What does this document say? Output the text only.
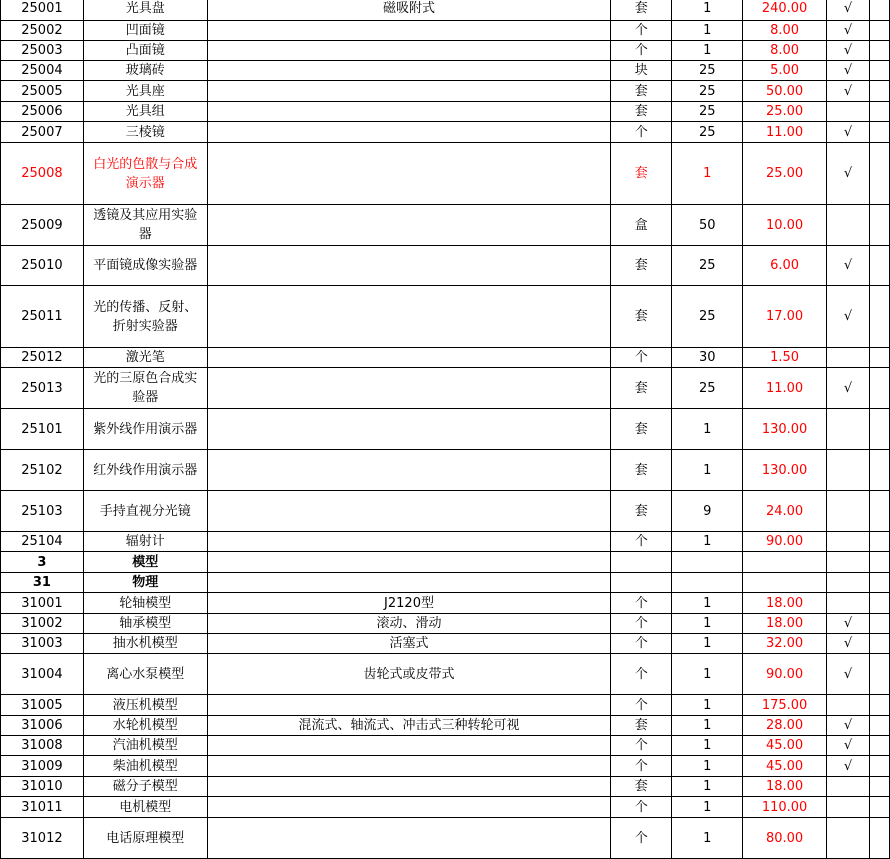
25001	光具盘	磁吸附式	套	1	240.00	√	
25002	凹面镜		个	1	8.00	√	
25003	凸面镜		个	1	8.00	√	
25004	玻璃砖		块	25	5.00	√	
25005	光具座		套	25	50.00	√	
25006	光具组		套	25	25.00		
25007	三棱镜		个	25	11.00	√	
25008	白光的色散与合成演示器		套	1	25.00	√	
25009	透镜及其应用实验器		盒	50	10.00		
25010	平面镜成像实验器		套	25	6.00	√	
25011	光的传播、反射、折射实验器		套	25	17.00	√	
25012	激光笔		个	30	1.50		
25013	光的三原色合成实验器		套	25	11.00	√	
25101	紫外线作用演示器		套	1	130.00		
25102	红外线作用演示器		套	1	130.00		
25103	手持直视分光镜		套	9	24.00		
25104	辐射计		个	1	90.00		
3	模型						
31	物理						
31001	轮轴模型	J2120型	个	1	18.00		
31002	轴承模型	滚动、滑动	个	1	18.00	√	
31003	抽水机模型	活塞式	个	1	32.00	√	
31004	离心水泵模型	齿轮式或皮带式	个	1	90.00	√	
31005	液压机模型		个	1	175.00		
31006	水轮机模型	混流式、轴流式、冲击式三种转轮可视	套	1	28.00	√	
31008	汽油机模型		个	1	45.00	√	
31009	柴油机模型		个	1	45.00	√	
31010	磁分子模型		套	1	18.00		
31011	电机模型		个	1	110.00		
31012	电话原理模型		个	1	80.00		
